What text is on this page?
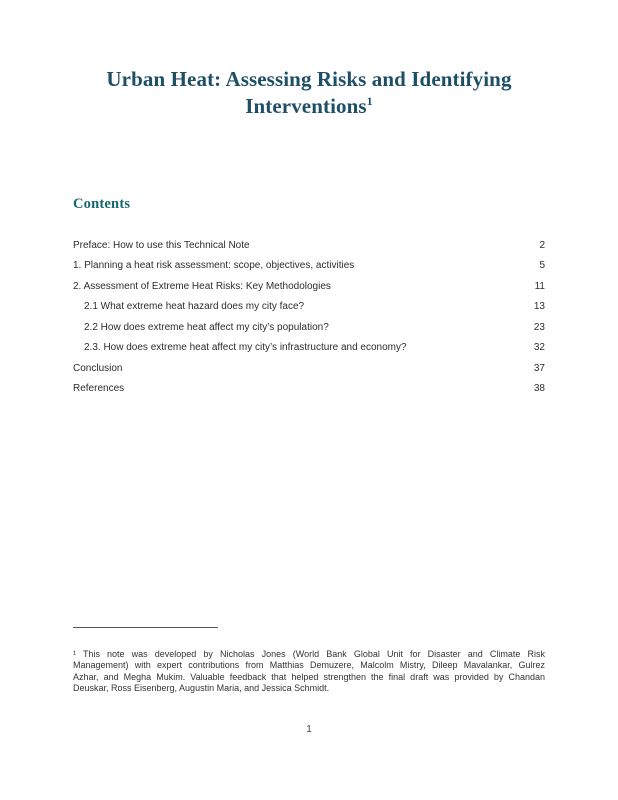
Urban Heat: Assessing Risks and Identifying
Interventions$^1$
Contents
Preface: How to use this Technical Note	2
1. Planning a heat risk assessment: scope, objectives, activities	5
2. Assessment of Extreme Heat Risks: Key Methodologies	11
2.1 What extreme heat hazard does my city face?	13
2.2 How does extreme heat affect my city’s population?	23
2.3. How does extreme heat affect my city’s infrastructure and economy?	32
Conclusion	37
References	38
¹ This note was developed by Nicholas Jones (World Bank Global Unit for Disaster and Climate Risk
Management) with expert contributions from Matthias Demuzere, Malcolm Mistry, Dileep Mavalankar, Gulrez
Azhar, and Megha Mukim. Valuable feedback that helped strengthen the final draft was provided by Chandan
Deuskar, Ross Eisenberg, Augustin Maria, and Jessica Schmidt.
1
